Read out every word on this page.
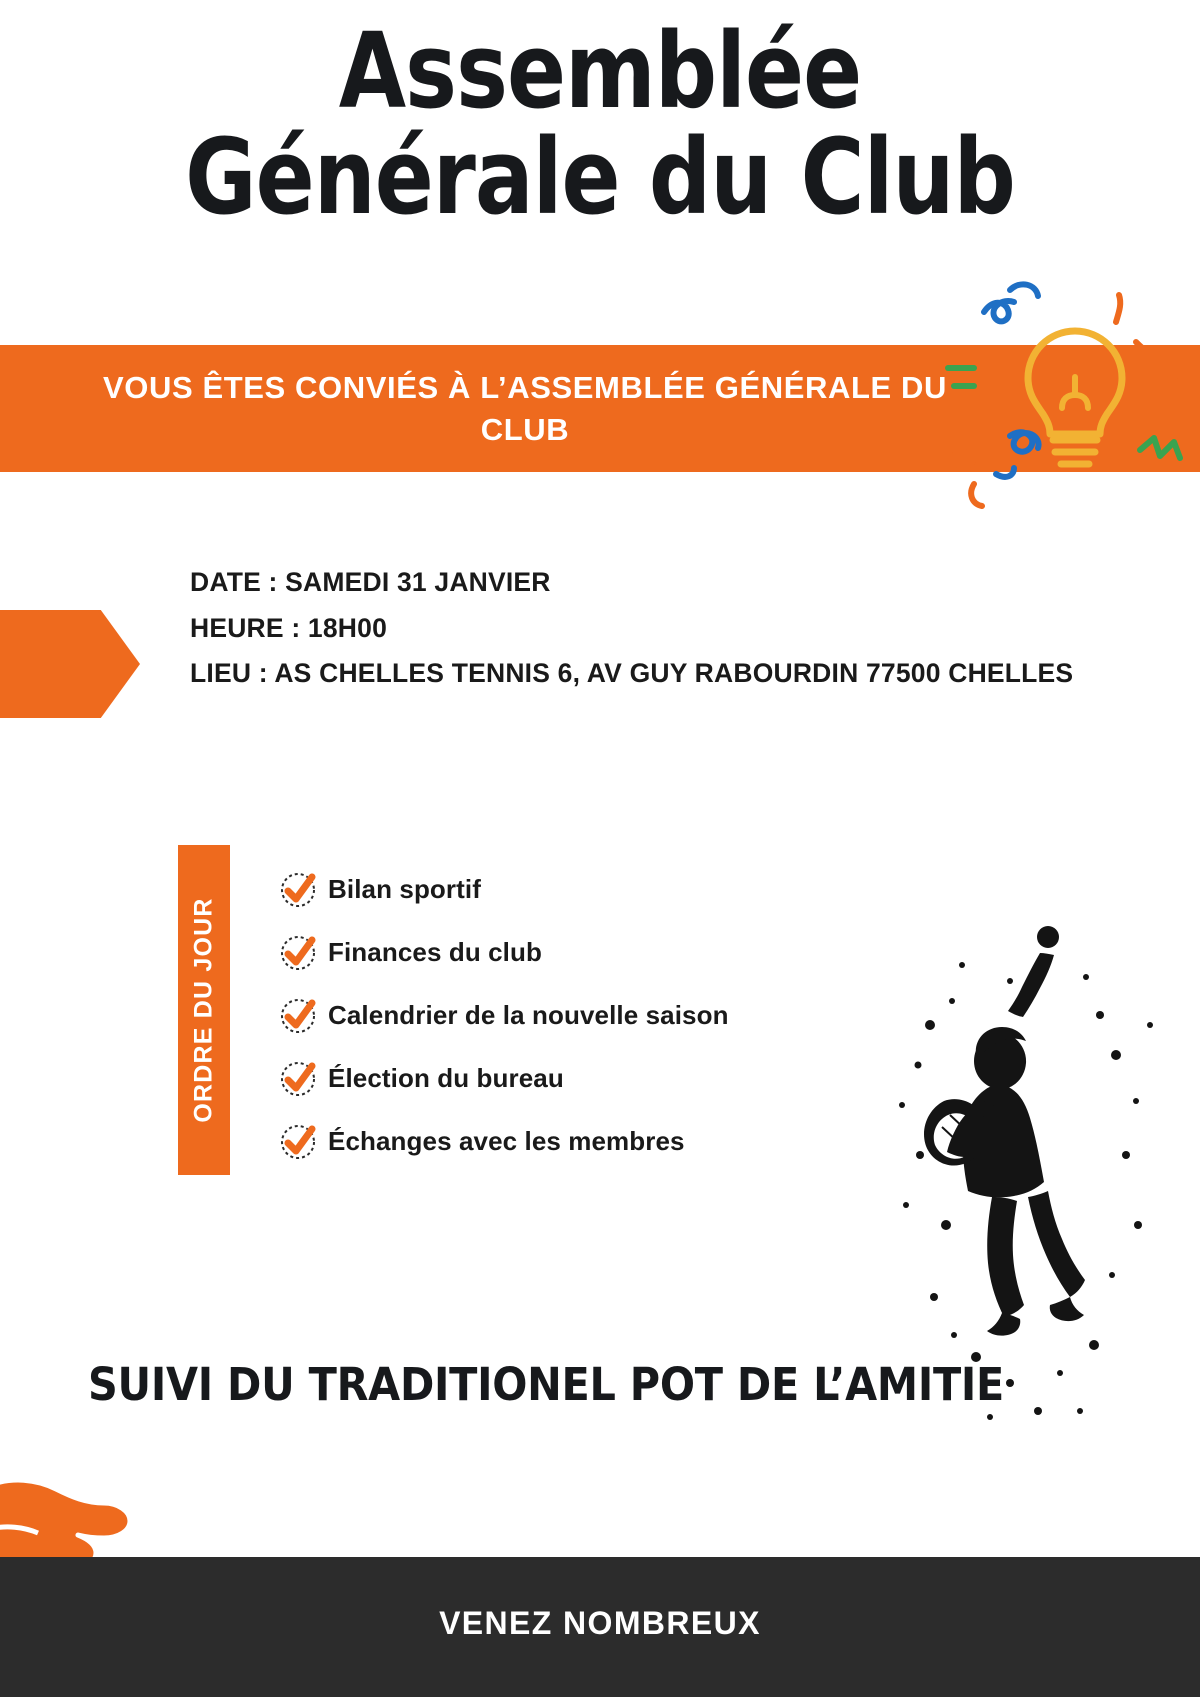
Assemblée
Générale du Club
VOUS ÊTES CONVIÉS À L’ASSEMBLÉE GÉNÉRALE DU CLUB
DATE : SAMEDI 31 JANVIER
HEURE : 18H00
LIEU : AS CHELLES TENNIS 6, AV GUY RABOURDIN 77500 CHELLES
ORDRE DU JOUR
Bilan sportif
Finances du club
Calendrier de la nouvelle saison
Élection du bureau
Échanges avec les membres
SUIVI DU TRADITIONEL POT DE L’AMITIE
VENEZ NOMBREUX
